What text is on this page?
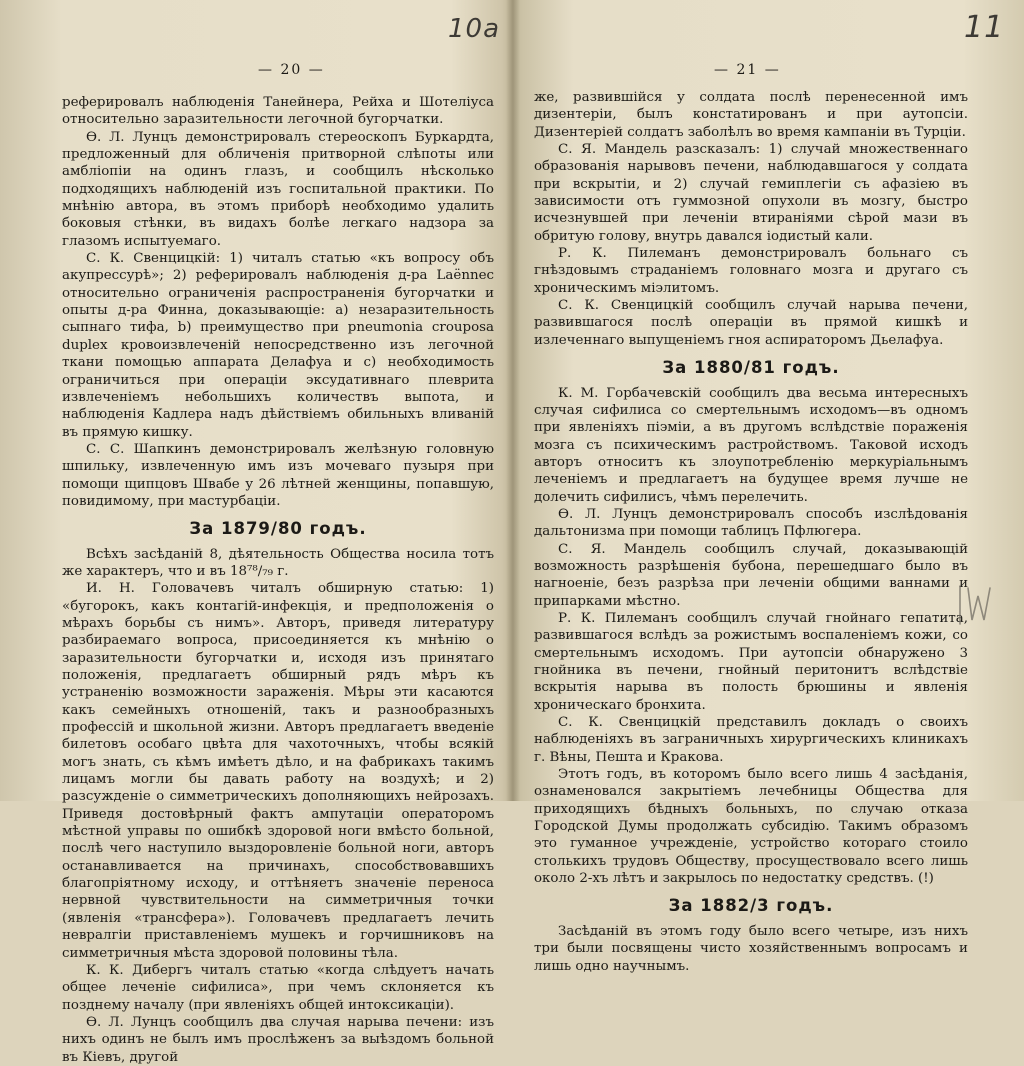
10а
— 20 —

реферировалъ наблюденія Танейнера, Рейха и Шотеліуса относительно заразительности легочной бугорчатки.

Ѳ. Л. Лунцъ демонстрировалъ стереоскопъ Буркардта, предложенный для обличенія притворной слѣпоты или амбліопіи на одинъ глазъ, и сообщилъ нѣсколько подходящихъ наблюденій изъ госпитальной практики. По мнѣнію автора, въ этомъ приборѣ необходимо удалить боковыя стѣнки, въ видахъ болѣе легкаго надзора за глазомъ испытуемаго.

С. К. Свенцицкій: 1) читалъ статью «къ вопросу объ акупрессурѣ»; 2) реферировалъ наблюденія д-ра Laёnnec относительно ограниченія распространенія бугорчатки и опыты д-ра Финна, доказывающіе: а) незаразительность сыпнаго тифа, b) преимущество при pneumonia croupоsa duplex кровоизвлеченій непосредственно изъ легочной ткани помощью аппарата Делафуа и с) необходимость ограничиться при операціи эксудативнаго плеврита извлеченіемъ небольшихъ количествъ выпота, и наблюденія Кадлера надъ дѣйствіемъ обильныхъ вливаній въ прямую кишку.

С. С. Шапкинъ демонстрировалъ желѣзную головную шпильку, извлеченную имъ изъ мочеваго пузыря при помощи щипцовъ Швабе у 26 лѣтней женщины, попавшую, повидимому, при мастурбаціи.

За 1879/80 годъ.

Всѣхъ засѣданій 8, дѣятельность Общества носила тотъ же характеръ, что и въ 18⁷⁸/₇₉ г.

И. Н. Головачевъ читалъ обширную статью: 1) «бугорокъ, какъ контагій-инфекція, и предположенія о мѣрахъ борьбы съ нимъ». Авторъ, приведя литературу разбираемаго вопроса, присоединяется къ мнѣнію о заразительности бугорчатки и, исходя изъ принятаго положенія, предлагаетъ обширный рядъ мѣръ къ устраненію возможности зараженія. Мѣры эти касаются какъ семейныхъ отношеній, такъ и разнообразныхъ профессій и школьной жизни. Авторъ предлагаетъ введеніе билетовъ особаго цвѣта для чахоточныхъ, чтобы всякій могъ знать, съ кѣмъ имѣетъ дѣло, и на фабрикахъ такимъ лицамъ могли бы давать работу на воздухѣ; и 2) разсужденіе о симметрическихъ дополняющихъ нейрозахъ. Приведя достовѣрный фактъ ампутаціи операторомъ мѣстной управы по ошибкѣ здоровой ноги вмѣсто больной, послѣ чего наступило выздоровленіе больной ноги, авторъ останавливается на причинахъ, способствовавшихъ благопріятному исходу, и оттѣняетъ значеніе переноса нервной чувствительности на симметричныя точки (явленія «трансфера»). Головачевъ предлагаетъ лечить невралгіи приставленіемъ мушекъ и горчишниковъ на симметричныя мѣста здоровой половины тѣла.

К. К. Дибергъ читалъ статью «когда слѣдуетъ начать общее леченіе сифилиса», при чемъ склоняется къ позднему началу (при явленіяхъ общей интоксикаціи).

Ѳ. Л. Лунцъ сообщилъ два случая нарыва печени: изъ нихъ одинъ не былъ имъ прослѣженъ за выѣздомъ больной въ Кіевъ, другой

11
— 21 —

же, развившійся у солдата послѣ перенесенной имъ дизентеріи, былъ констатированъ и при аутопсіи. Дизентеріей солдатъ заболѣлъ во время кампаніи въ Турціи.

С. Я. Мандель разсказалъ: 1) случай множественнаго образованія нарывовъ печени, наблюдавшагося у солдата при вскрытіи, и 2) случай гемиплегіи съ афазіею въ зависимости отъ гуммозной опухоли въ мозгу, быстро исчезнувшей при леченіи втираніями сѣрой мази въ обритую голову, внутрь давался іодистый кали.

Р. К. Пилеманъ демонстрировалъ больнаго съ гнѣздовымъ страданіемъ головнаго мозга и другаго съ хроническимъ міэлитомъ.

С. К. Свенцицкій сообщилъ случай нарыва печени, развившагося послѣ операціи въ прямой кишкѣ и излеченнаго выпущеніемъ гноя аспираторомъ Дьелафуа.

За 1880/81 годъ.

К. М. Горбачевскій сообщилъ два весьма интересныхъ случая сифилиса со смертельнымъ исходомъ—въ одномъ при явленіяхъ піэміи, а въ другомъ вслѣдствіе пораженія мозга съ психическимъ растройствомъ. Таковой исходъ авторъ относитъ къ злоупотребленію меркуріальнымъ леченіемъ и предлагаетъ на будущее время лучше не долечить сифилисъ, чѣмъ перелечить.

Ѳ. Л. Лунцъ демонстрировалъ способъ изслѣдованія дальтонизма при помощи таблицъ Пфлюгера.

С. Я. Мандель сообщилъ случай, доказывающій возможность разрѣшенія бубона, перешедшаго было въ нагноеніе, безъ разрѣза при леченіи общими ваннами и припарками мѣстно.

Р. К. Пилеманъ сообщилъ случай гнойнаго гепатита, развившагося вслѣдъ за рожистымъ воспаленіемъ кожи, со смертельнымъ исходомъ. При аутопсіи обнаружено 3 гнойника въ печени, гнойный перитонитъ вслѣдствіе вскрытія нарыва въ полость брюшины и явленія хроническаго бронхита.

С. К. Свенцицкій представилъ докладъ о своихъ наблюденіяхъ въ заграничныхъ хирургическихъ клиникахъ г. Вѣны, Пешта и Кракова.

Этотъ годъ, въ которомъ было всего лишь 4 засѣданія, ознаменовался закрытіемъ лечебницы Общества для приходящихъ бѣдныхъ больныхъ, по случаю отказа Городской Думы продолжать субсидію. Такимъ образомъ это гуманное учрежденіе, устройство котораго стоило столькихъ трудовъ Обществу, просуществовало всего лишь около 2-хъ лѣтъ и закрылось по недостатку средствъ. (!)

За 1882/3 годъ.

Засѣданій въ этомъ году было всего четыре, изъ нихъ три были посвящены чисто хозяйственнымъ вопросамъ и лишь одно научнымъ.
